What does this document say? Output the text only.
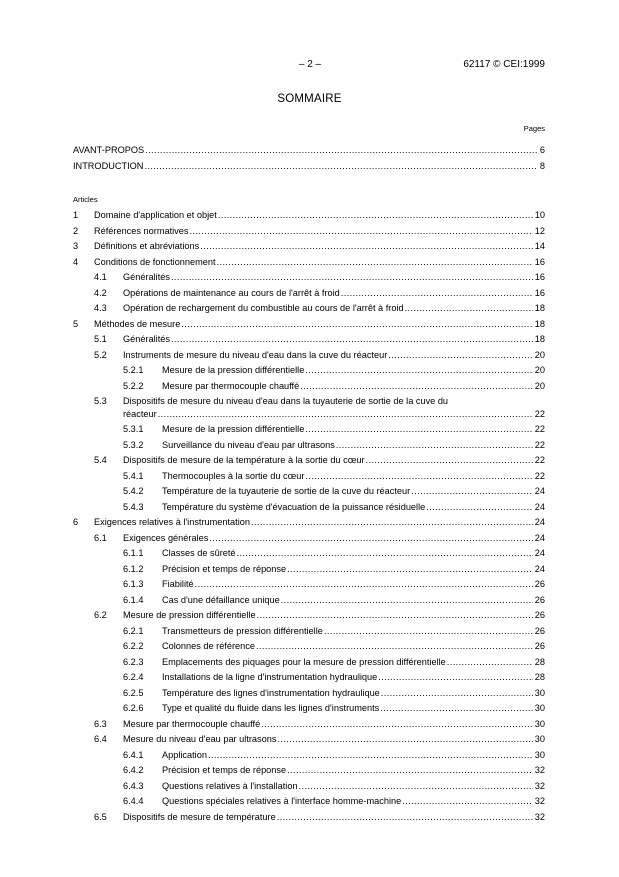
– 2 –	62117 © CEI:1999
SOMMAIRE
Pages
AVANT-PROPOS .....	6
INTRODUCTION .....	8
Articles
1 Domaine d'application et objet .....	10
2 Références normatives .....	12
3 Définitions et abréviations .....	14
4 Conditions de fonctionnement .....	16
4.1 Généralités .....	16
4.2 Opérations de maintenance au cours de l'arrêt à froid .....	16
4.3 Opération de rechargement du combustible au cours de l'arrêt à froid .....	18
5 Méthodes de mesure .....	18
5.1 Généralités .....	18
5.2 Instruments de mesure du niveau d'eau dans la cuve du réacteur .....	20
5.2.1 Mesure de la pression différentielle .....	20
5.2.2 Mesure par thermocouple chauffé .....	20
5.3 Dispositifs de mesure du niveau d'eau dans la tuyauterie de sortie de la cuve du
réacteur .....	22
5.3.1 Mesure de la pression différentielle .....	22
5.3.2 Surveillance du niveau d'eau par ultrasons .....	22
5.4 Dispositifs de mesure de la température à la sortie du cœur .....	22
5.4.1 Thermocouples à la sortie du cœur .....	22
5.4.2 Température de la tuyauterie de sortie de la cuve du réacteur .....	24
5.4.3 Température du système d'évacuation de la puissance résiduelle .....	24
6 Exigences relatives à l'instrumentation .....	24
6.1 Exigences générales .....	24
6.1.1 Classes de sûreté .....	24
6.1.2 Précision et temps de réponse .....	24
6.1.3 Fiabilité .....	26
6.1.4 Cas d'une défaillance unique .....	26
6.2 Mesure de pression différentielle .....	26
6.2.1 Transmetteurs de pression différentielle .....	26
6.2.2 Colonnes de référence .....	26
6.2.3 Emplacements des piquages pour la mesure de pression différentielle .....	28
6.2.4 Installations de la ligne d'instrumentation hydraulique .....	28
6.2.5 Température des lignes d'instrumentation hydraulique .....	30
6.2.6 Type et qualité du fluide dans les lignes d'instruments .....	30
6.3 Mesure par thermocouple chauffé .....	30
6.4 Mesure du niveau d'eau par ultrasons .....	30
6.4.1 Application .....	30
6.4.2 Précision et temps de réponse .....	32
6.4.3 Questions relatives à l'installation .....	32
6.4.4 Questions spéciales relatives à l'interface homme-machine .....	32
6.5 Dispositifs de mesure de température .....	32
